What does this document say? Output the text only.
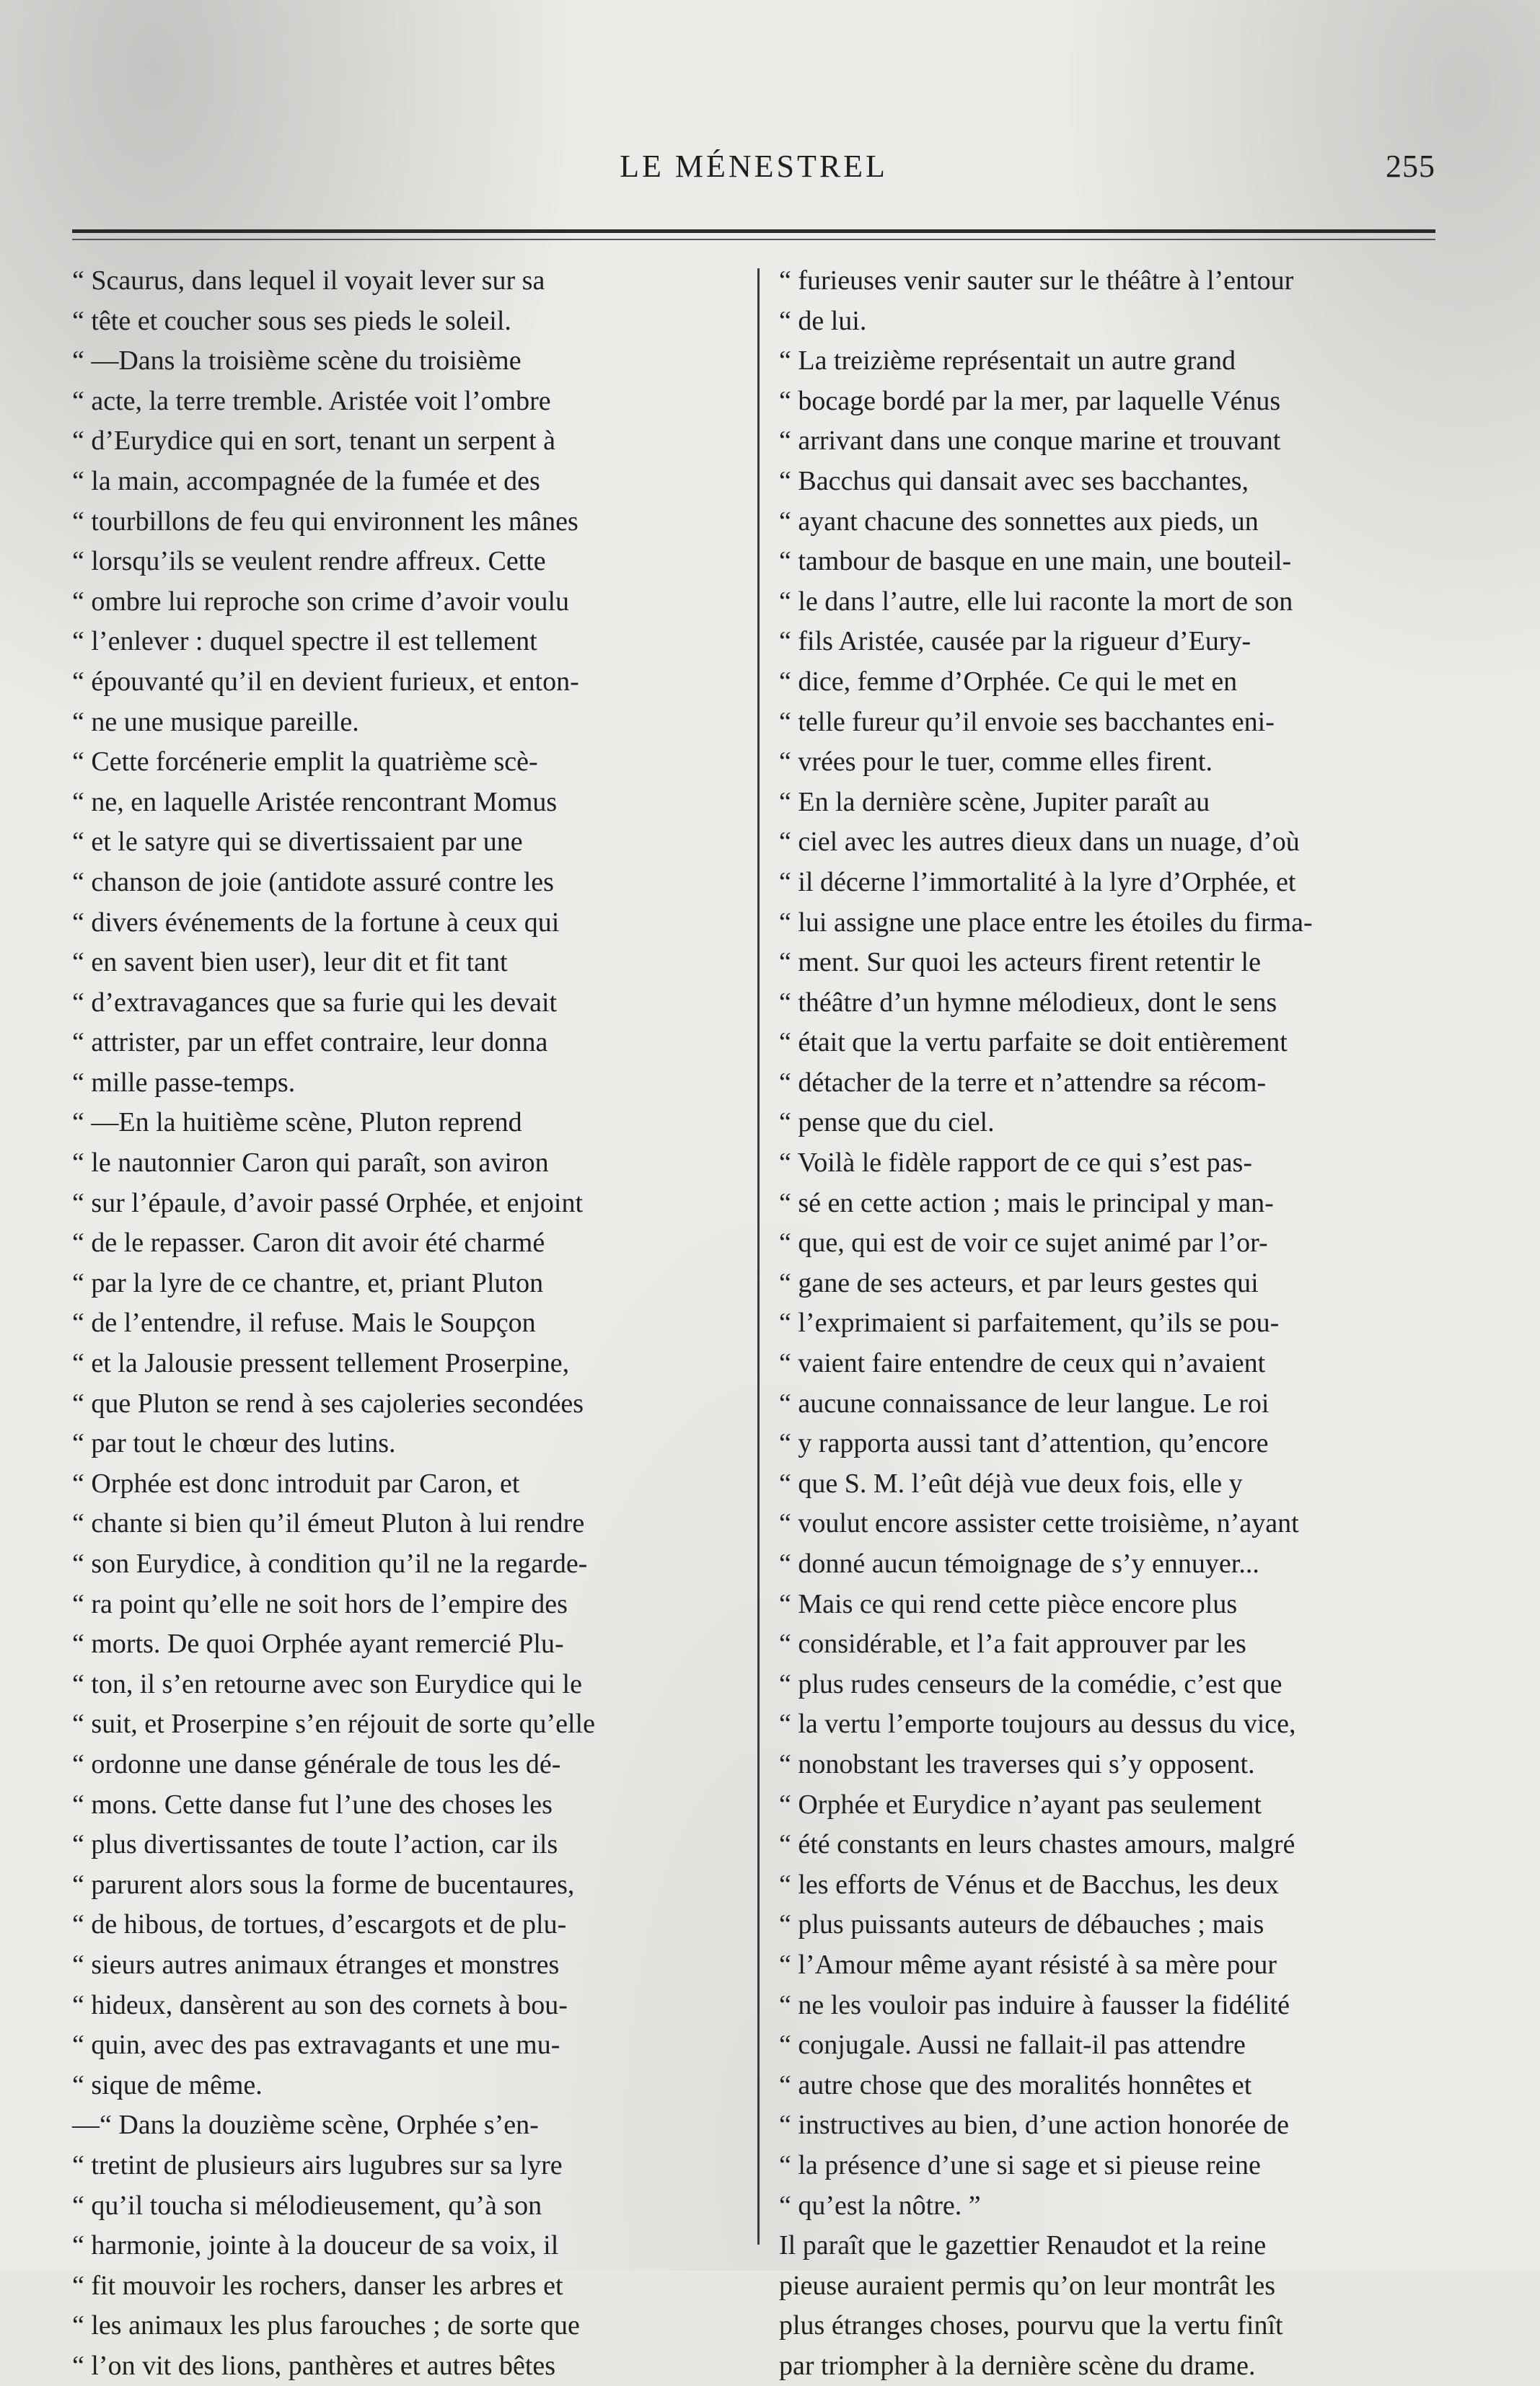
LE MÉNESTREL	255
“ Scaurus, dans lequel il voyait lever sur sa
“ tête et coucher sous ses pieds le soleil.
“ —Dans la troisième scène du troisième
“ acte, la terre tremble. Aristée voit l’ombre
“ d’Eurydice qui en sort, tenant un serpent à
“ la main, accompagnée de la fumée et des
“ tourbillons de feu qui environnent les mânes
“ lorsqu’ils se veulent rendre affreux. Cette
“ ombre lui reproche son crime d’avoir voulu
“ l’enlever : duquel spectre il est tellement
“ épouvanté qu’il en devient furieux, et enton-
“ ne une musique pareille.
“ Cette forcénerie emplit la quatrième scè-
“ ne, en laquelle Aristée rencontrant Momus
“ et le satyre qui se divertissaient par une
“ chanson de joie (antidote assuré contre les
“ divers événements de la fortune à ceux qui
“ en savent bien user), leur dit et fit tant
“ d’extravagances que sa furie qui les devait
“ attrister, par un effet contraire, leur donna
“ mille passe-temps.
“ —En la huitième scène, Pluton reprend
“ le nautonnier Caron qui paraît, son aviron
“ sur l’épaule, d’avoir passé Orphée, et enjoint
“ de le repasser. Caron dit avoir été charmé
“ par la lyre de ce chantre, et, priant Pluton
“ de l’entendre, il refuse. Mais le Soupçon
“ et la Jalousie pressent tellement Proserpine,
“ que Pluton se rend à ses cajoleries secondées
“ par tout le chœur des lutins.
“ Orphée est donc introduit par Caron, et
“ chante si bien qu’il émeut Pluton à lui rendre
“ son Eurydice, à condition qu’il ne la regarde-
“ ra point qu’elle ne soit hors de l’empire des
“ morts. De quoi Orphée ayant remercié Plu-
“ ton, il s’en retourne avec son Eurydice qui le
“ suit, et Proserpine s’en réjouit de sorte qu’elle
“ ordonne une danse générale de tous les dé-
“ mons. Cette danse fut l’une des choses les
“ plus divertissantes de toute l’action, car ils
“ parurent alors sous la forme de bucentaures,
“ de hibous, de tortues, d’escargots et de plu-
“ sieurs autres animaux étranges et monstres
“ hideux, dansèrent au son des cornets à bou-
“ quin, avec des pas extravagants et une mu-
“ sique de même.
—“ Dans la douzième scène, Orphée s’en-
“ tretint de plusieurs airs lugubres sur sa lyre
“ qu’il toucha si mélodieusement, qu’à son
“ harmonie, jointe à la douceur de sa voix, il
“ fit mouvoir les rochers, danser les arbres et
“ les animaux les plus farouches ; de sorte que
“ l’on vit des lions, panthères et autres bêtes
“ furieuses venir sauter sur le théâtre à l’entour
“ de lui.
“ La treizième représentait un autre grand
“ bocage bordé par la mer, par laquelle Vénus
“ arrivant dans une conque marine et trouvant
“ Bacchus qui dansait avec ses bacchantes,
“ ayant chacune des sonnettes aux pieds, un
“ tambour de basque en une main, une bouteil-
“ le dans l’autre, elle lui raconte la mort de son
“ fils Aristée, causée par la rigueur d’Eury-
“ dice, femme d’Orphée. Ce qui le met en
“ telle fureur qu’il envoie ses bacchantes eni-
“ vrées pour le tuer, comme elles firent.
“ En la dernière scène, Jupiter paraît au
“ ciel avec les autres dieux dans un nuage, d’où
“ il décerne l’immortalité à la lyre d’Orphée, et
“ lui assigne une place entre les étoiles du firma-
“ ment. Sur quoi les acteurs firent retentir le
“ théâtre d’un hymne mélodieux, dont le sens
“ était que la vertu parfaite se doit entièrement
“ détacher de la terre et n’attendre sa récom-
“ pense que du ciel.
“ Voilà le fidèle rapport de ce qui s’est pas-
“ sé en cette action ; mais le principal y man-
“ que, qui est de voir ce sujet animé par l’or-
“ gane de ses acteurs, et par leurs gestes qui
“ l’exprimaient si parfaitement, qu’ils se pou-
“ vaient faire entendre de ceux qui n’avaient
“ aucune connaissance de leur langue. Le roi
“ y rapporta aussi tant d’attention, qu’encore
“ que S. M. l’eût déjà vue deux fois, elle y
“ voulut encore assister cette troisième, n’ayant
“ donné aucun témoignage de s’y ennuyer...
“ Mais ce qui rend cette pièce encore plus
“ considérable, et l’a fait approuver par les
“ plus rudes censeurs de la comédie, c’est que
“ la vertu l’emporte toujours au dessus du vice,
“ nonobstant les traverses qui s’y opposent.
“ Orphée et Eurydice n’ayant pas seulement
“ été constants en leurs chastes amours, malgré
“ les efforts de Vénus et de Bacchus, les deux
“ plus puissants auteurs de débauches ; mais
“ l’Amour même ayant résisté à sa mère pour
“ ne les vouloir pas induire à fausser la fidélité
“ conjugale. Aussi ne fallait-il pas attendre
“ autre chose que des moralités honnêtes et
“ instructives au bien, d’une action honorée de
“ la présence d’une si sage et si pieuse reine
“ qu’est la nôtre. ”
Il paraît que le gazettier Renaudot et la reine
pieuse auraient permis qu’on leur montrât les
plus étranges choses, pourvu que la vertu finît
par triompher à la dernière scène du drame.
